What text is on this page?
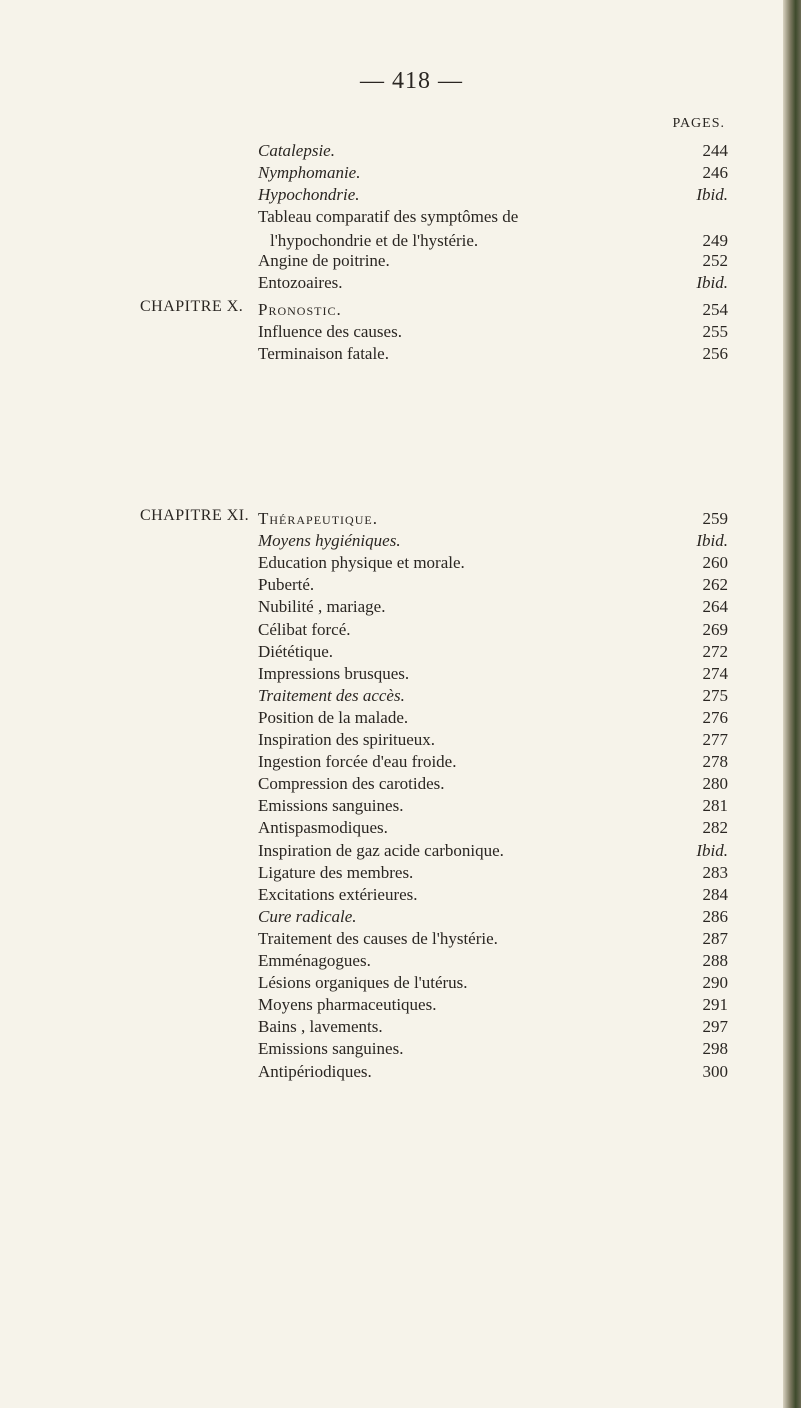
— 418 —
PAGES.
Catalepsie.	244
Nymphomanie.	246
Hypochondrie.	Ibid.
Tableau comparatif des symptômes de
l'hypochondrie et de l'hystérie.	249
Angine de poitrine.	252
Entozoaires.	Ibid.
CHAPITRE X. Pronostic.	254
Influence des causes.	255
Terminaison fatale.	256
CHAPITRE XI. Thérapeutique.	259
Moyens hygiéniques.	Ibid.
Education physique et morale.	260
Puberté.	262
Nubilité , mariage.	264
Célibat forcé.	269
Diététique.	272
Impressions brusques.	274
Traitement des accès.	275
Position de la malade.	276
Inspiration des spiritueux.	277
Ingestion forcée d'eau froide.	278
Compression des carotides.	280
Emissions sanguines.	281
Antispasmodiques.	282
Inspiration de gaz acide carbonique.	Ibid.
Ligature des membres.	283
Excitations extérieures.	284
Cure radicale.	286
Traitement des causes de l'hystérie.	287
Emménagogues.	288
Lésions organiques de l'utérus.	290
Moyens pharmaceutiques.	291
Bains , lavements.	297
Emissions sanguines.	298
Antipériodiques.	300
